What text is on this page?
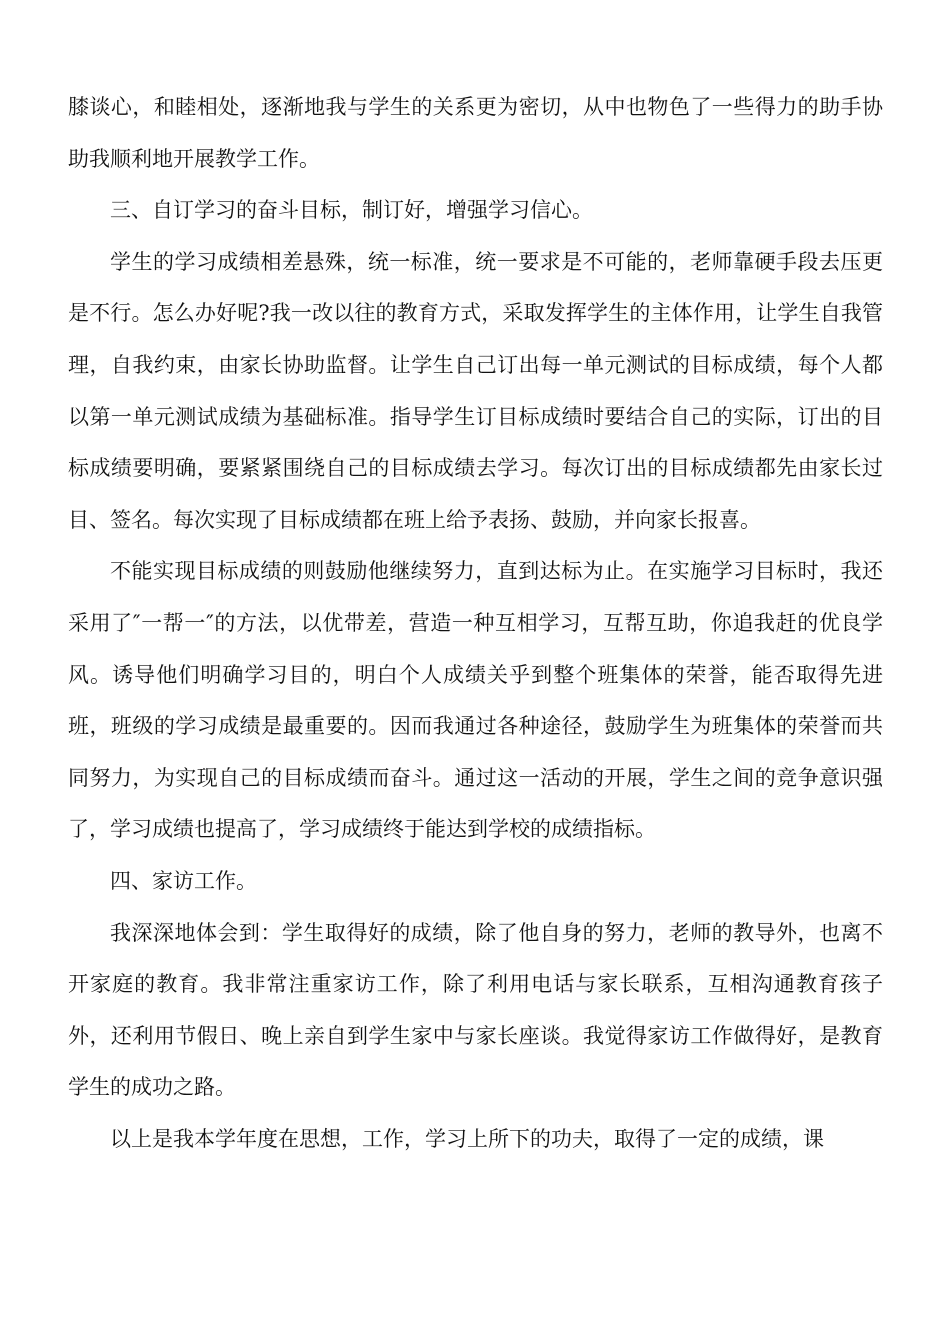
膝谈心，和睦相处，逐渐地我与学生的关系更为密切，从中也物色了一些得力的助手协助我顺利地开展教学工作。

三、自订学习的奋斗目标，制订好，增强学习信心。

学生的学习成绩相差悬殊，统一标准，统一要求是不可能的，老师靠硬手段去压更是不行。怎么办好呢?我一改以往的教育方式，采取发挥学生的主体作用，让学生自我管理，自我约束，由家长协助监督。让学生自己订出每一单元测试的目标成绩，每个人都以第一单元测试成绩为基础标准。指导学生订目标成绩时要结合自己的实际，订出的目标成绩要明确，要紧紧围绕自己的目标成绩去学习。每次订出的目标成绩都先由家长过目、签名。每次实现了目标成绩都在班上给予表扬、鼓励，并向家长报喜。

不能实现目标成绩的则鼓励他继续努力，直到达标为止。在实施学习目标时，我还采用了″一帮一″的方法，以优带差，营造一种互相学习，互帮互助，你追我赶的优良学风。诱导他们明确学习目的，明白个人成绩关乎到整个班集体的荣誉，能否取得先进班，班级的学习成绩是最重要的。因而我通过各种途径，鼓励学生为班集体的荣誉而共同努力，为实现自己的目标成绩而奋斗。通过这一活动的开展，学生之间的竞争意识强了，学习成绩也提高了，学习成绩终于能达到学校的成绩指标。

四、家访工作。

我深深地体会到：学生取得好的成绩，除了他自身的努力，老师的教导外，也离不开家庭的教育。我非常注重家访工作，除了利用电话与家长联系，互相沟通教育孩子外，还利用节假日、晚上亲自到学生家中与家长座谈。我觉得家访工作做得好，是教育学生的成功之路。

以上是我本学年度在思想，工作，学习上所下的功夫，取得了一定的成绩，课
